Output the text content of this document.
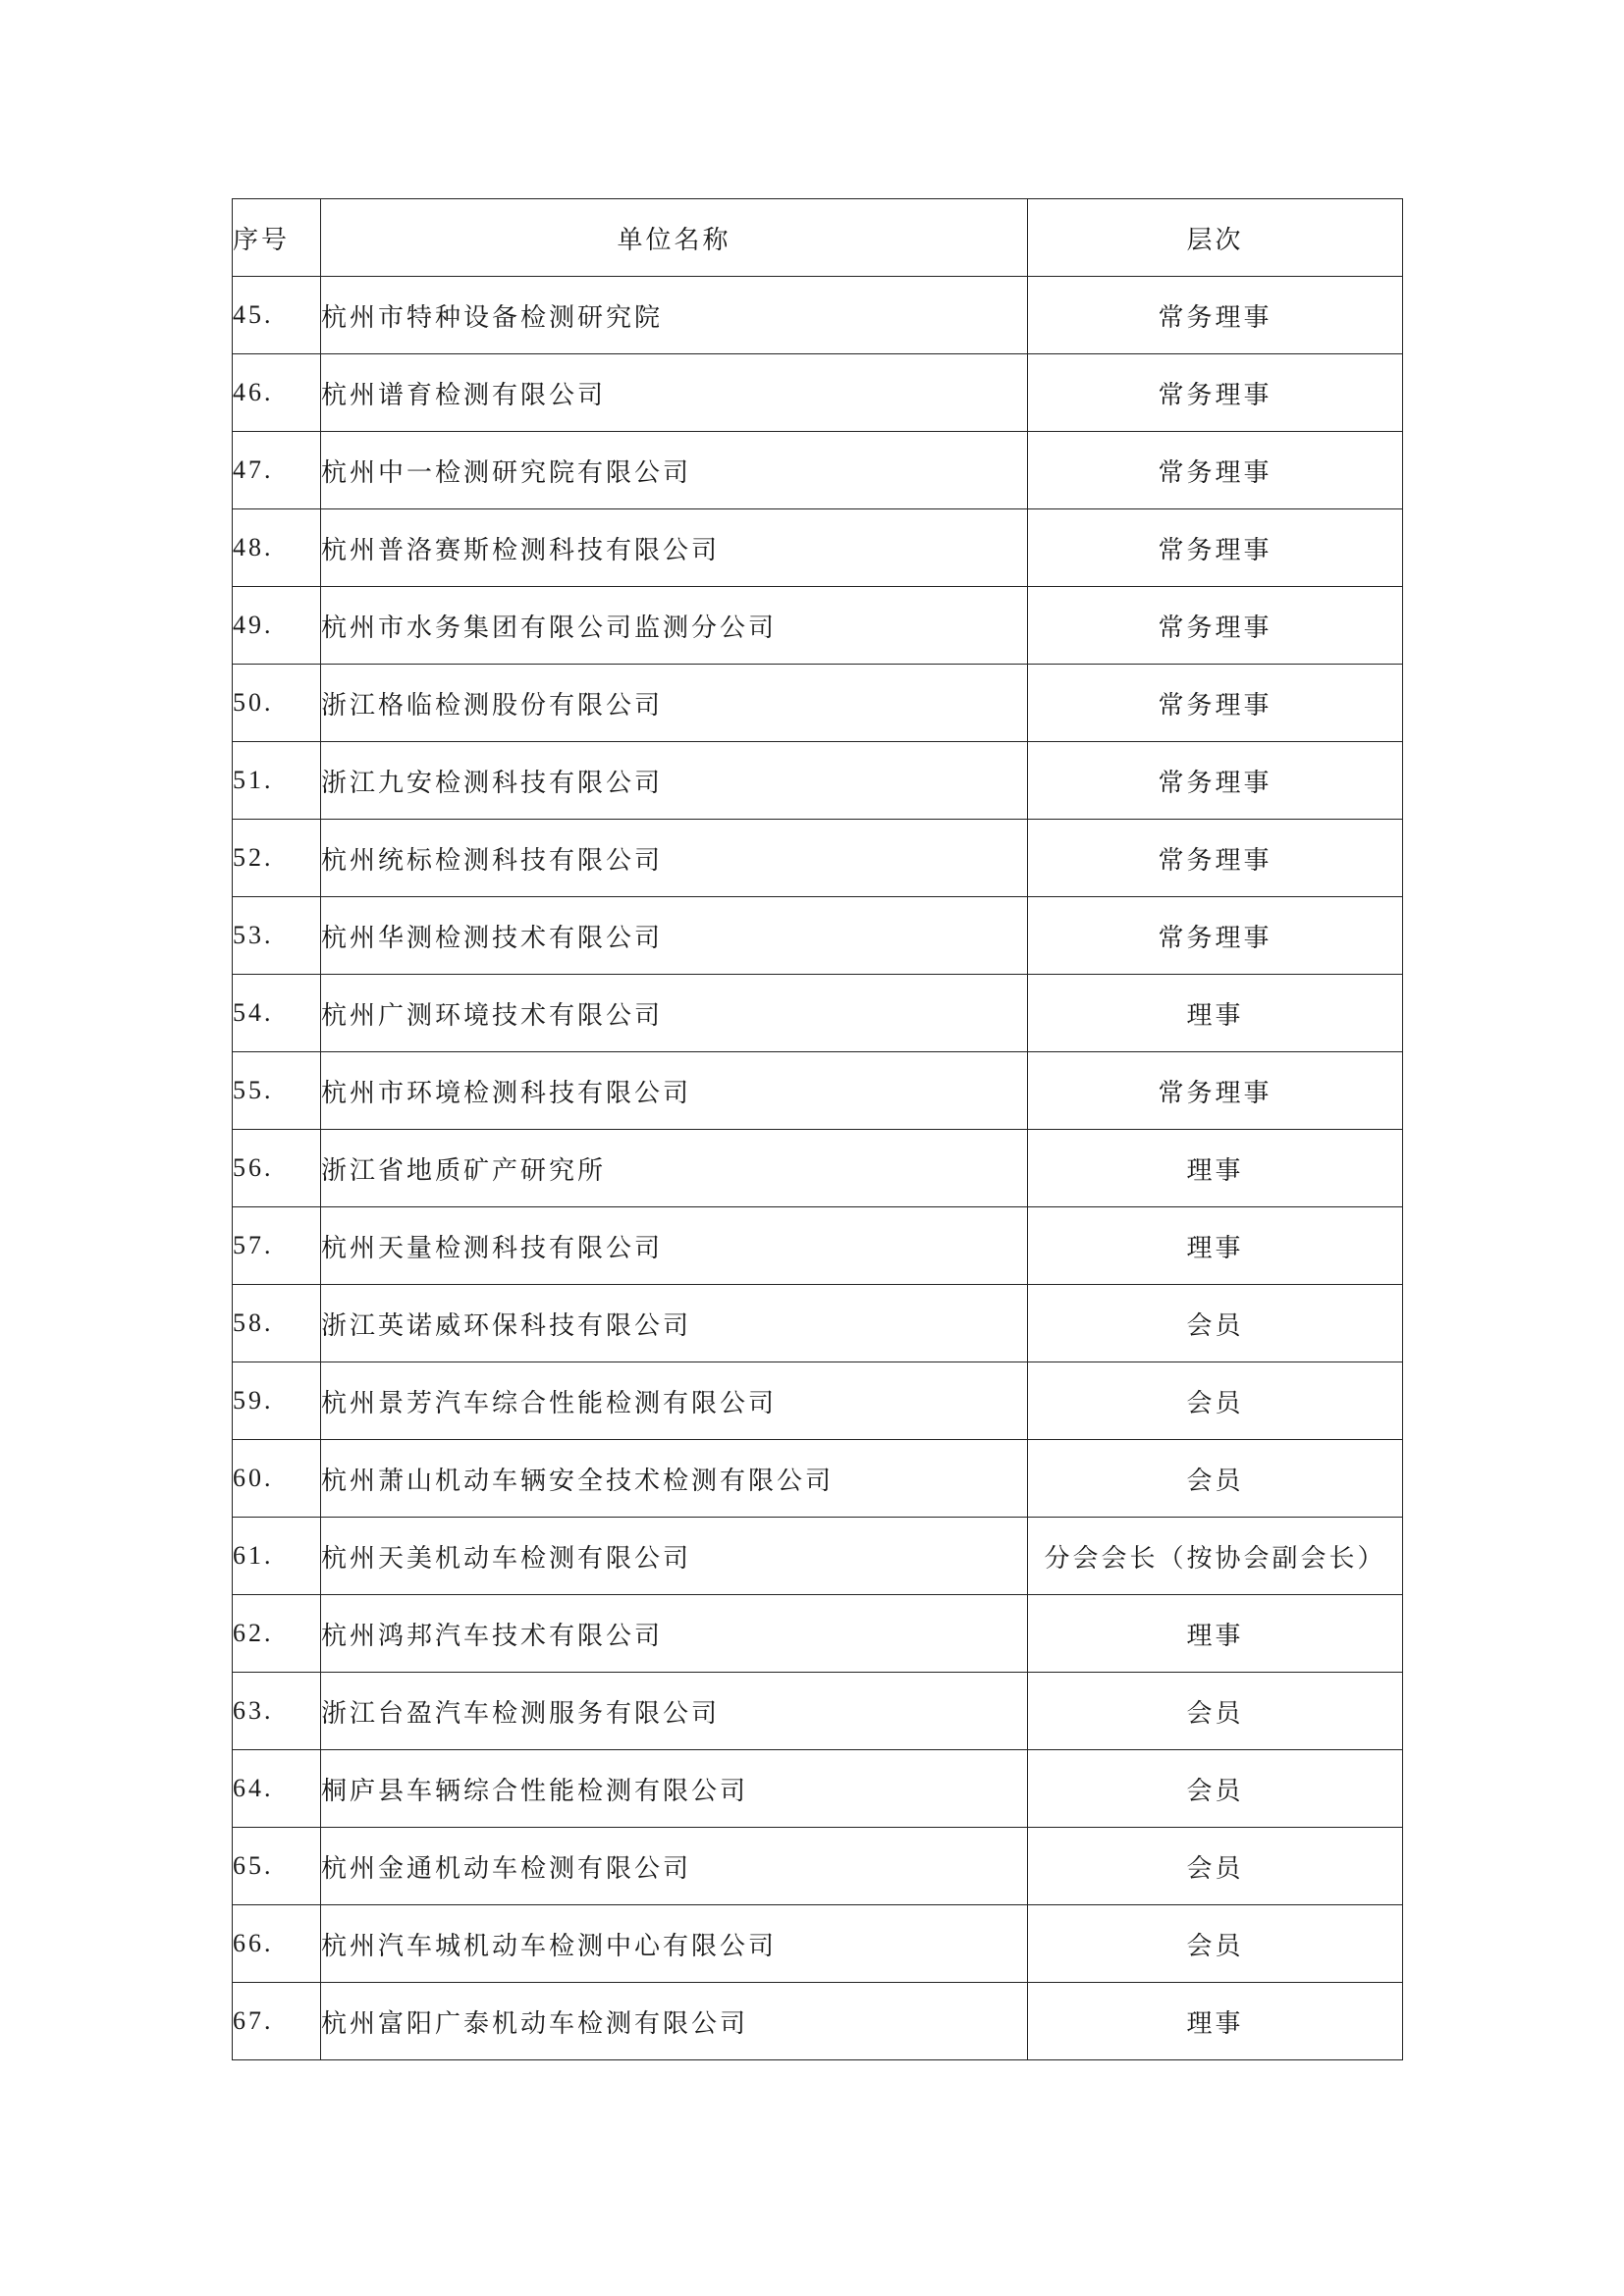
序号	单位名称	层次
45.	杭州市特种设备检测研究院	常务理事
46.	杭州谱育检测有限公司	常务理事
47.	杭州中一检测研究院有限公司	常务理事
48.	杭州普洛赛斯检测科技有限公司	常务理事
49.	杭州市水务集团有限公司监测分公司	常务理事
50.	浙江格临检测股份有限公司	常务理事
51.	浙江九安检测科技有限公司	常务理事
52.	杭州统标检测科技有限公司	常务理事
53.	杭州华测检测技术有限公司	常务理事
54.	杭州广测环境技术有限公司	理事
55.	杭州市环境检测科技有限公司	常务理事
56.	浙江省地质矿产研究所	理事
57.	杭州天量检测科技有限公司	理事
58.	浙江英诺威环保科技有限公司	会员
59.	杭州景芳汽车综合性能检测有限公司	会员
60.	杭州萧山机动车辆安全技术检测有限公司	会员
61.	杭州天美机动车检测有限公司	分会会长（按协会副会长）
62.	杭州鸿邦汽车技术有限公司	理事
63.	浙江台盈汽车检测服务有限公司	会员
64.	桐庐县车辆综合性能检测有限公司	会员
65.	杭州金通机动车检测有限公司	会员
66.	杭州汽车城机动车检测中心有限公司	会员
67.	杭州富阳广泰机动车检测有限公司	理事
